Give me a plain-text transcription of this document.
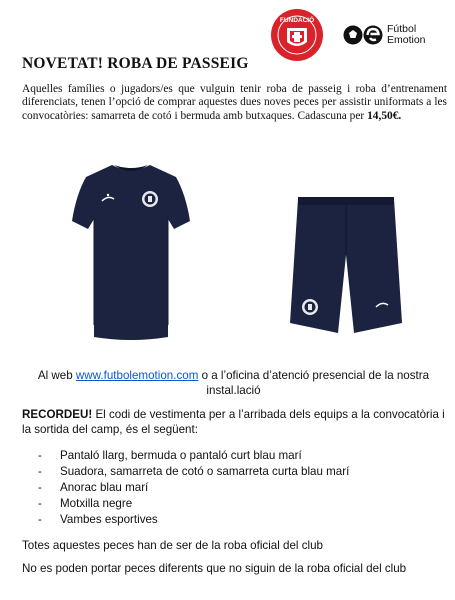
FUNDACIÓ
Fútbol
Emotion
NOVETAT! ROBA DE PASSEIG

Aquelles famílies o jugadors/es que vulguin tenir roba de passeig i roba d’entrenament diferenciats, tenen l’opció de comprar aquestes dues noves peces per assistir uniformats a les convocatòries: samarreta de cotó i bermuda amb butxaques. Cadascuna per 14,50€.

Al web www.futbolemotion.com o a l’oficina d’atenció presencial de la nostra instal.lació

RECORDEU! El codi de vestimenta per a l’arribada dels equips a la convocatòria i la sortida del camp, és el següent:

-	Pantaló llarg, bermuda o pantaló curt blau marí
-	Suadora, samarreta de cotó o samarreta curta blau marí
-	Anorac blau marí
-	Motxilla negre
-	Vambes esportives

Totes aquestes peces han de ser de la roba oficial del club

No es poden portar peces diferents que no siguin de la roba oficial del club
